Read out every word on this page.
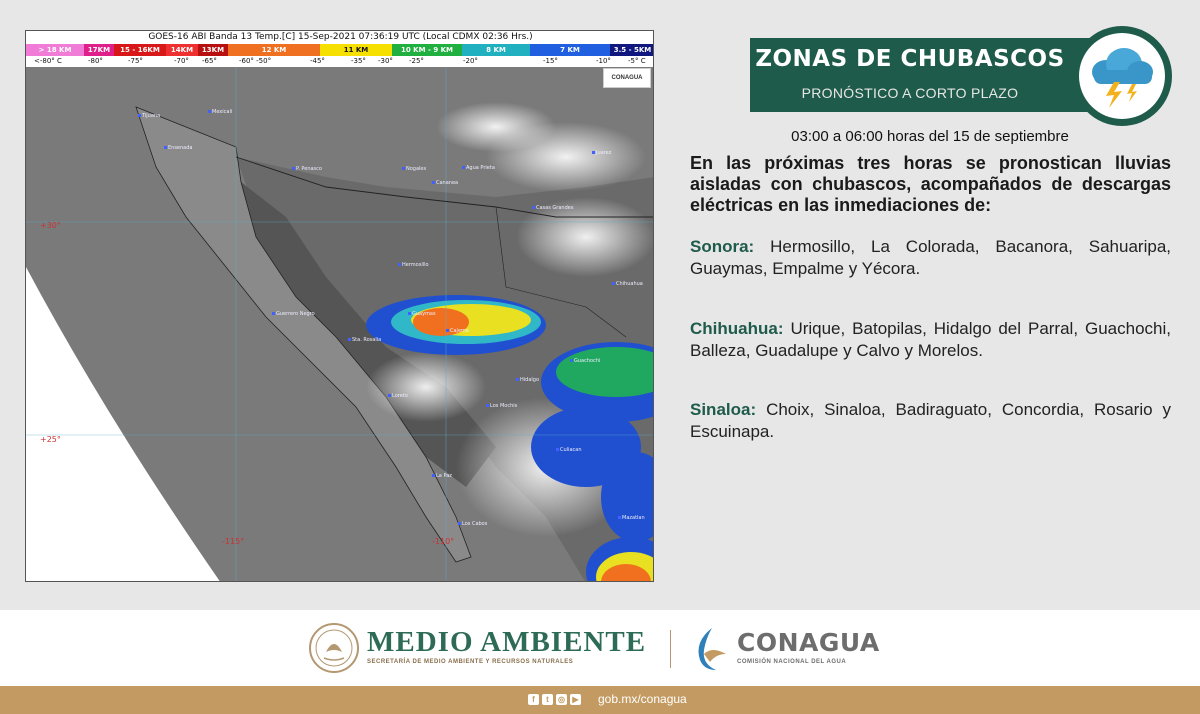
GOES-16 ABI Banda 13 Temp.[C] 15-Sep-2021 07:36:19 UTC (Local CDMX 02:36 Hrs.)
> 18 KM	17KM	15 - 16KM	14KM	13KM	12 KM	11 KM	10 KM - 9 KM	8 KM	7 KM	3.5 - 5KM
<-80° C	-80°	-75°	-70° -65°	-60° -50°	-45°	-35° -30° -25°	-20°	-15°	-10° -5° C
CONAGUA
+30°
+25°
-115°	-110°
Tijuana
Mexicali
Ensenada
P. Penasco	Nogales	Agua Prieta
Cananea
Casas Grandes
Juarez
Hermosillo
Chihuahua
Guaymas
Guerrero Negro
Sta. Rosalia
Cajeme
Guachochi
Loreto
Los Mochis
Culiacan
La Paz
Los Cabos
Mazatlan
Hidalgo
ZONAS DE CHUBASCOS
PRONÓSTICO A CORTO PLAZO
03:00 a 06:00 horas del 15 de septiembre
En las próximas tres horas se pronostican lluvias aisladas con chubascos, acompañados de descargas eléctricas en las inmediaciones de:
Sonora: Hermosillo, La Colorada, Bacanora, Sahuaripa, Guaymas, Empalme y Yécora.
Chihuahua: Urique, Batopilas, Hidalgo del Parral, Guachochi, Balleza, Guadalupe y Calvo y Morelos.
Sinaloa: Choix, Sinaloa, Badiraguato, Concordia, Rosario y Escuinapa.
MEDIO AMBIENTE
SECRETARÍA DE MEDIO AMBIENTE Y RECURSOS NATURALES
CONAGUA
COMISIÓN NACIONAL DEL AGUA
f	t	◎ ▶ gob.mx/conagua
